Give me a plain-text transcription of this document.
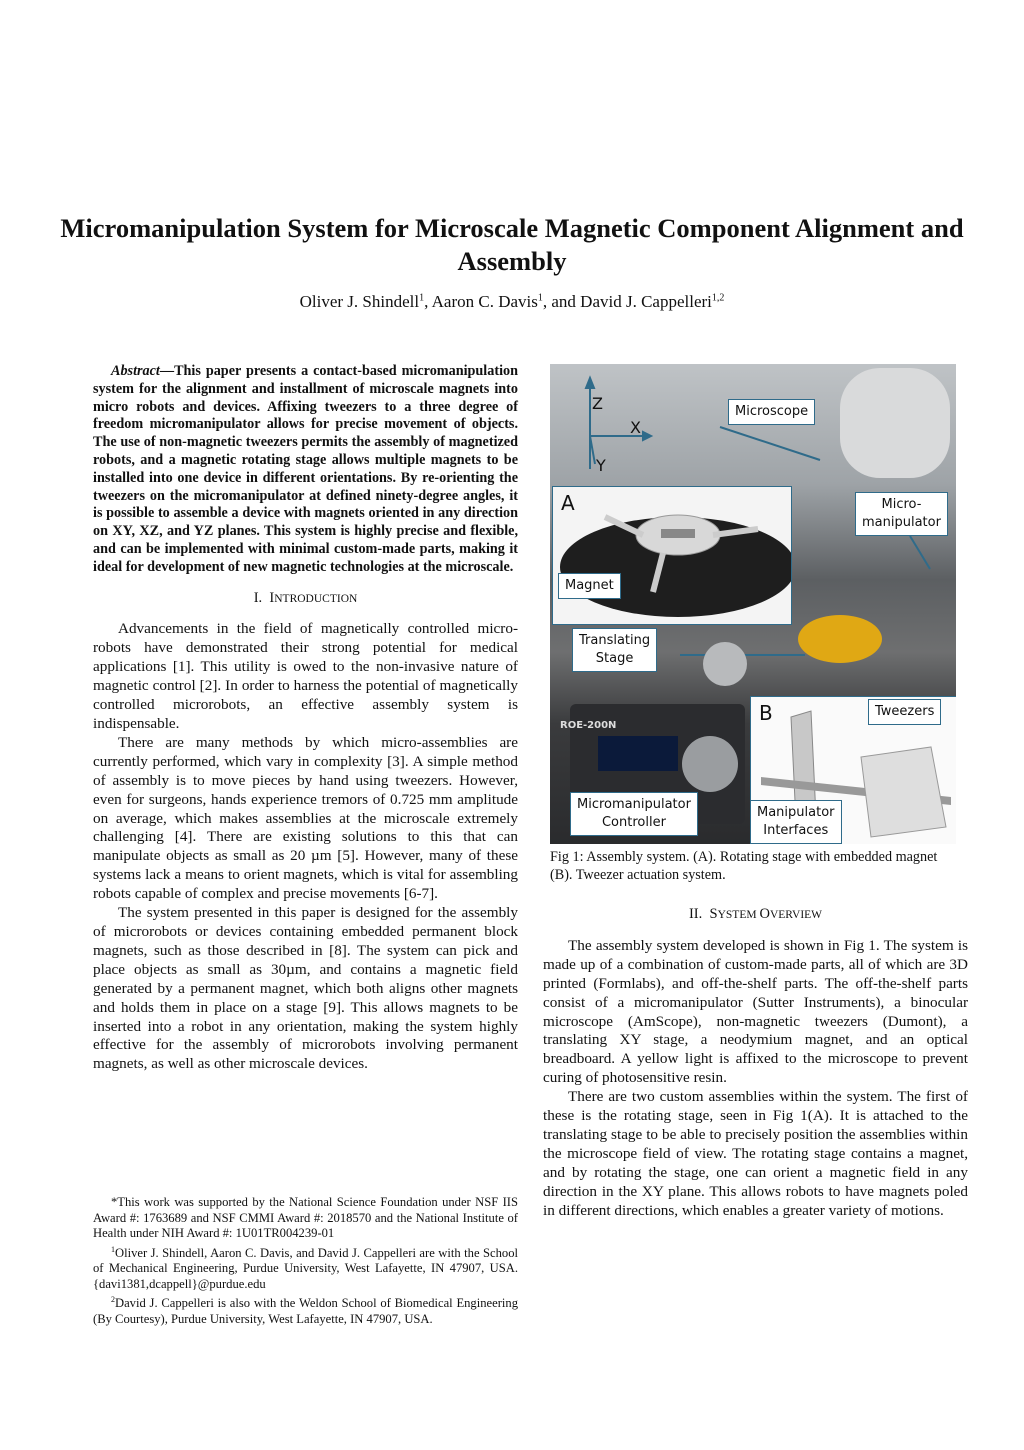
Micromanipulation System for Microscale Magnetic Component Alignment and Assembly
Oliver J. Shindell$^1$, Aaron C. Davis$^1$, and David J. Cappelleri$^{1,2}$

Abstract—This paper presents a contact-based micromanipulation system for the alignment and installment of microscale magnets into micro robots and devices. Affixing tweezers to a three degree of freedom micromanipulator allows for precise movement of objects. The use of non-magnetic tweezers permits the assembly of magnetized robots, and a magnetic rotating stage allows multiple magnets to be installed into one device in different orientations. By re-orienting the tweezers on the micromanipulator at defined ninety-degree angles, it is possible to assemble a device with magnets oriented in any direction on XY, XZ, and YZ planes. This system is highly precise and flexible, and can be implemented with minimal custom-made parts, making it ideal for development of new magnetic technologies at the microscale.

I. INTRODUCTION

Advancements in the field of magnetically controlled micro-robots have demonstrated their strong potential for medical applications [1]. This utility is owed to the non-invasive nature of magnetic control [2]. In order to harness the potential of magnetically controlled microrobots, an effective assembly system is indispensable.

There are many methods by which micro-assemblies are currently performed, which vary in complexity [3]. A simple method of assembly is to move pieces by hand using tweezers. However, even for surgeons, hands experience tremors of 0.725 mm amplitude on average, which makes assemblies at the microscale extremely challenging [4]. There are existing solutions to this that can manipulate objects as small as 20 µm [5]. However, many of these systems lack a means to orient magnets, which is vital for assembling robots capable of complex and precise movements [6-7].

The system presented in this paper is designed for the assembly of microrobots or devices containing embedded permanent block magnets, such as those described in [8]. The system can pick and place objects as small as 30µm, and contains a magnetic field generated by a permanent magnet, which both aligns other magnets and holds them in place on a stage [9]. This allows magnets to be inserted into a robot in any orientation, making the system highly effective for the assembly of microrobots involving permanent magnets, as well as other microscale devices.

*This work was supported by the National Science Foundation under NSF IIS Award #: 1763689 and NSF CMMI Award #: 2018570 and the National Institute of Health under NIH Award #: 1U01TR004239-01

$^1$Oliver J. Shindell, Aaron C. Davis, and David J. Cappelleri are with the School of Mechanical Engineering, Purdue University, West Lafayette, IN 47907, USA. {davi1381,dcappell}@purdue.edu

$^2$David J. Cappelleri is also with the Weldon School of Biomedical Engineering (By Courtesy), Purdue University, West Lafayette, IN 47907, USA.

Z
X
Y
Microscope
Micro-
manipulator
A
Magnet
Translating
Stage
ROE-200N
B	Tweezers
Micromanipulator
Controller
Manipulator
Interfaces
Fig 1: Assembly system. (A). Rotating stage with embedded magnet (B). Tweezer actuation system.
II. SYSTEM OVERVIEW

The assembly system developed is shown in Fig 1. The system is made up of a combination of custom-made parts, all of which are 3D printed (Formlabs), and off-the-shelf parts. The off-the-shelf parts consist of a micromanipulator (Sutter Instruments), a binocular microscope (AmScope), non-magnetic tweezers (Dumont), a translating XY stage, a neodymium magnet, and an optical breadboard. A yellow light is affixed to the microscope to prevent curing of photosensitive resin.

There are two custom assemblies within the system. The first of these is the rotating stage, seen in Fig 1(A). It is attached to the translating stage to be able to precisely position the assemblies within the microscope field of view. The rotating stage contains a magnet, and by rotating the stage, one can orient a magnetic field in any direction in the XY plane. This allows robots to have magnets poled in different directions, which enables a greater variety of motions.
